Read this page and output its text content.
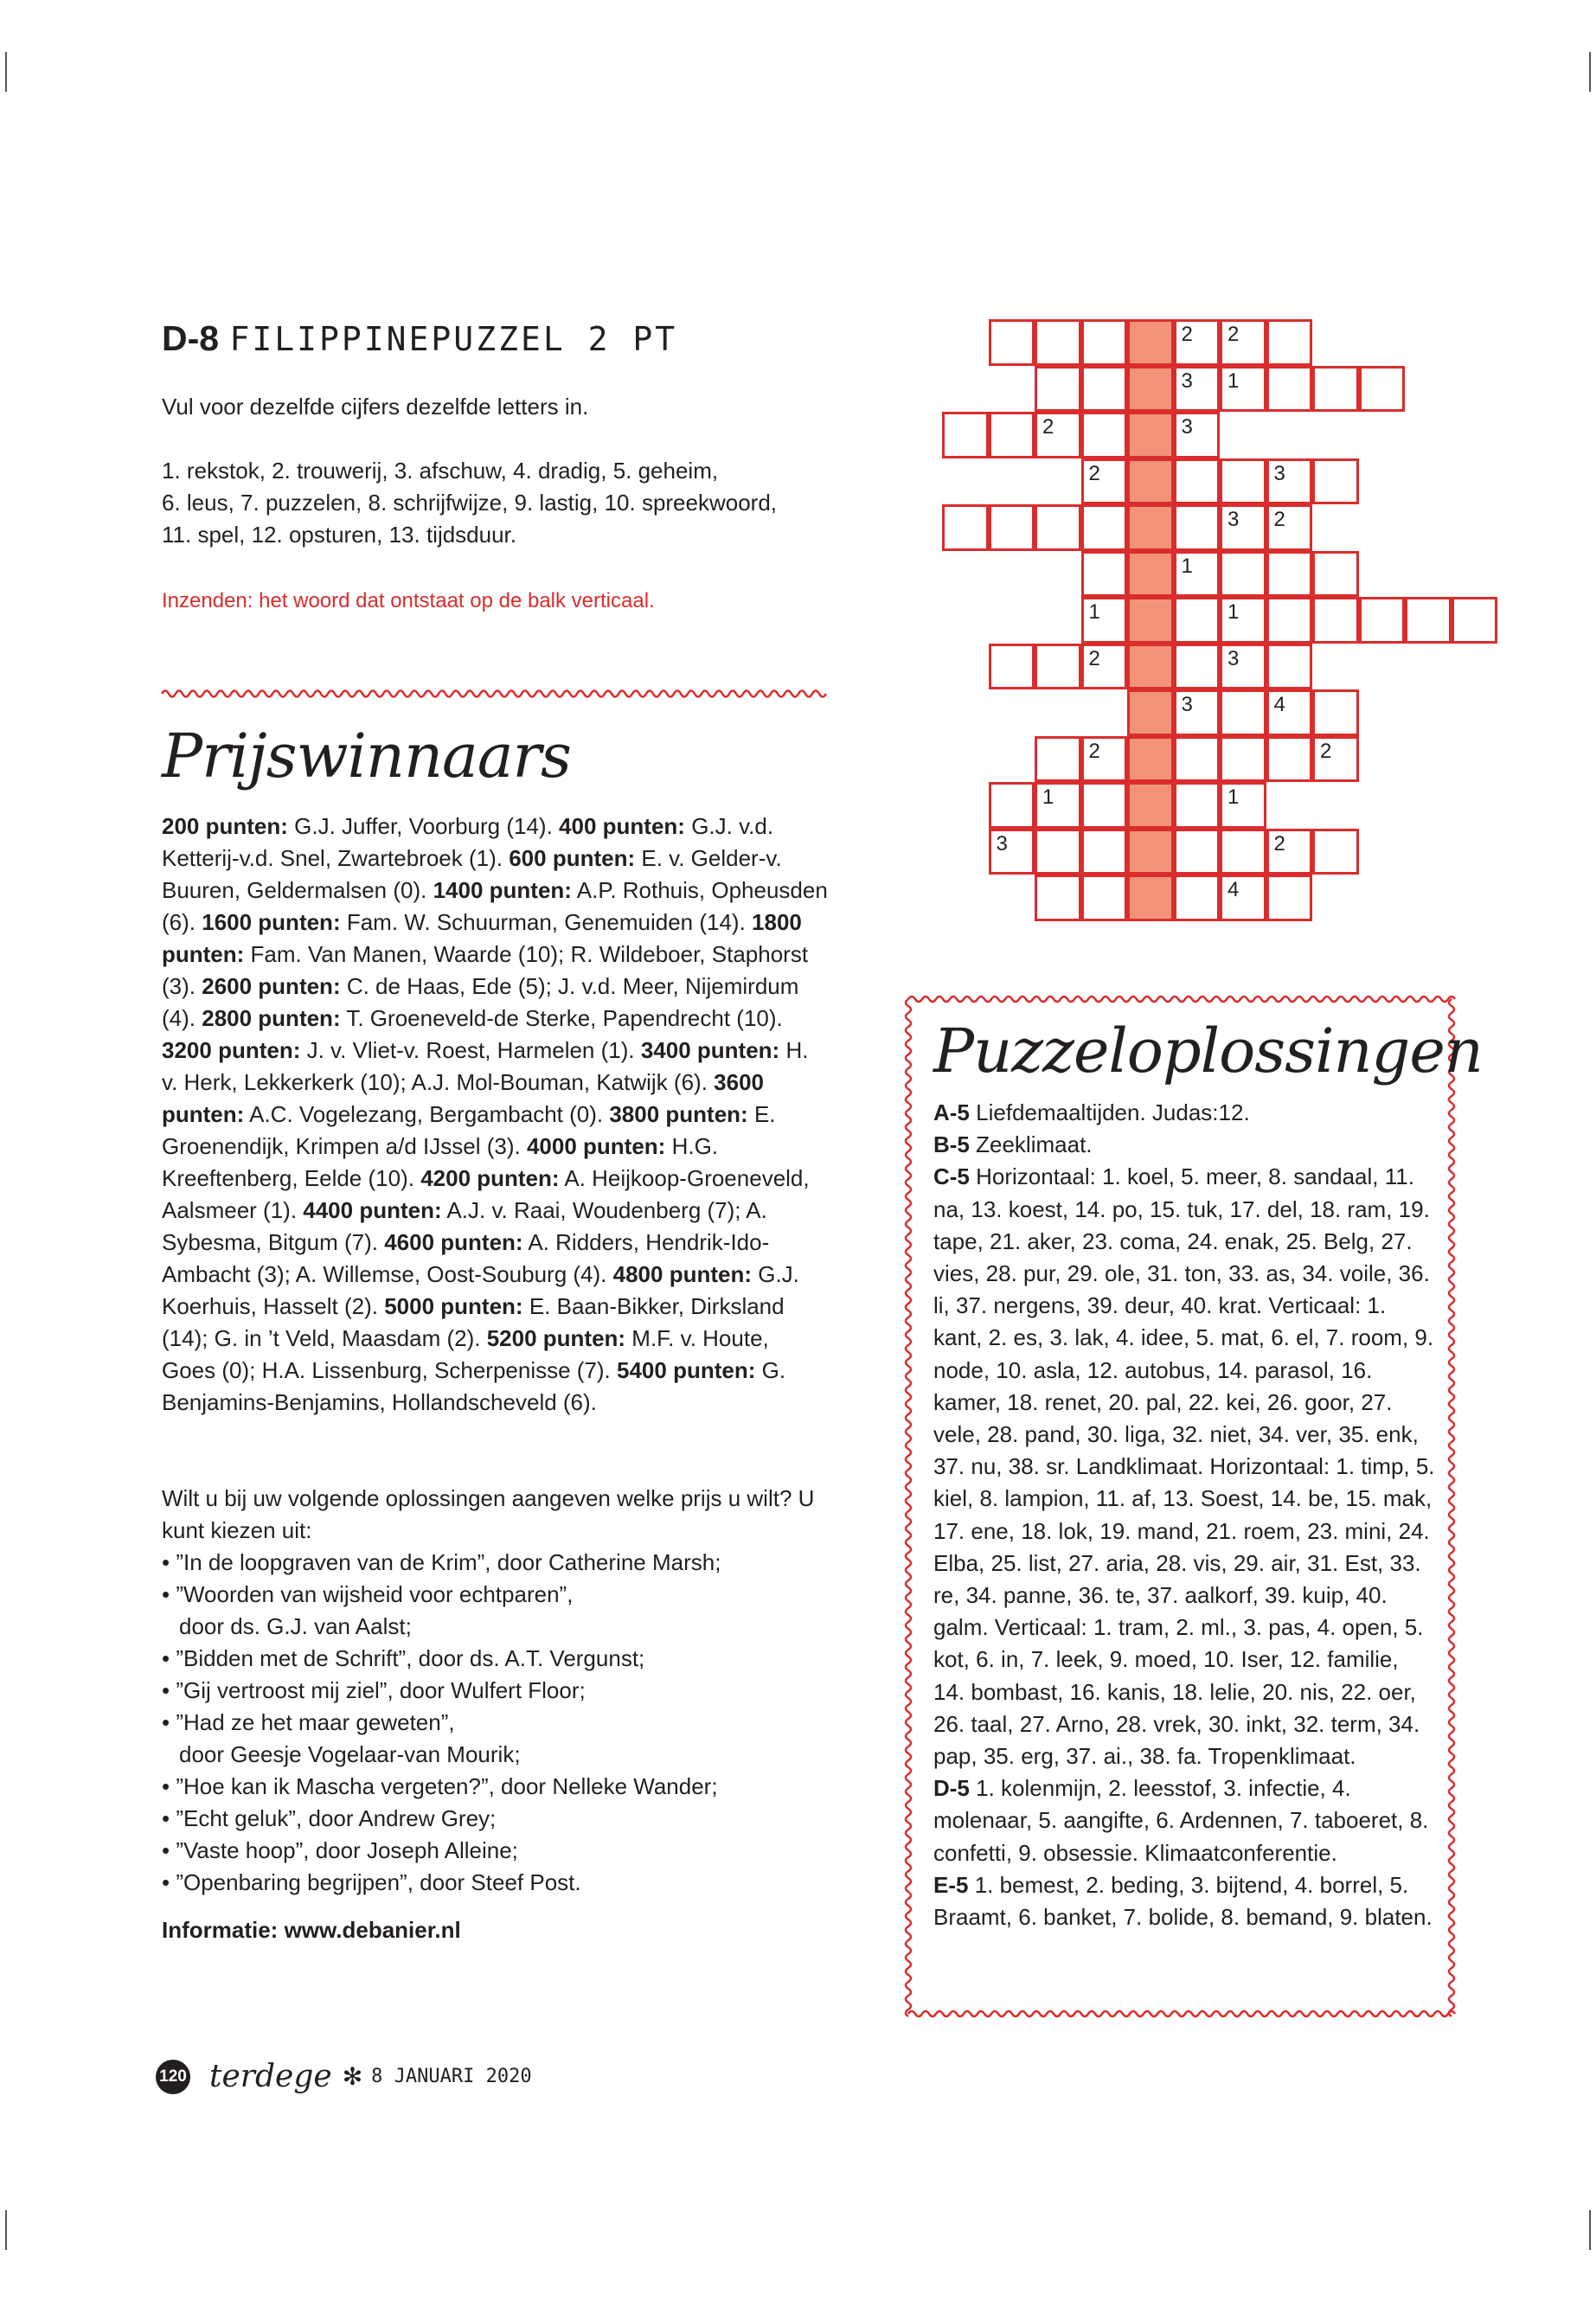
D-8 FILIPPINEPUZZEL 2 PT

Vul voor dezelfde cijfers dezelfde letters in.

1. rekstok, 2. trouwerij, 3. afschuw, 4. dradig, 5. geheim,

6. leus, 7. puzzelen, 8. schrijfwijze, 9. lastig, 10. spreekwoord,

11. spel, 12. opsturen, 13. tijdsduur.

Inzenden: het woord dat ontstaat op de balk verticaal.

Prijswinnaars
200 punten: G.J. Juffer, Voorburg (14). 400 punten: G.J. v.d. Ketterij-v.d. Snel, Zwartebroek (1). 600 punten: E. v. Gelder-v. Buuren, Geldermalsen (0). 1400 punten: A.P. Rothuis, Opheusden (6). 1600 punten: Fam. W. Schuurman, Genemuiden (14). 1800 punten: Fam. Van Manen, Waarde (10); R. Wildeboer, Staphorst (3). 2600 punten: C. de Haas, Ede (5); J. v.d. Meer, Nijemirdum (4). 2800 punten: T. Groeneveld-de Sterke, Papendrecht (10). 3200 punten: J. v. Vliet-v. Roest, Harmelen (1). 3400 punten: H. v. Herk, Lekkerkerk (10); A.J. Mol-Bouman, Katwijk (6). 3600 punten: A.C. Vogelezang, Bergambacht (0). 3800 punten: E. Groenendijk, Krimpen a/d IJssel (3). 4000 punten: H.G. Kreeftenberg, Eelde (10). 4200 punten: A. Heijkoop-Groeneveld, Aalsmeer (1). 4400 punten: A.J. v. Raai, Woudenberg (7); A. Sybesma, Bitgum (7). 4600 punten: A. Ridders, Hendrik-Ido-Ambacht (3); A. Willemse, Oost-Souburg (4). 4800 punten: G.J. Koerhuis, Hasselt (2). 5000 punten: E. Baan-Bikker, Dirksland (14); G. in ’t Veld, Maasdam (2). 5200 punten: M.F. v. Houte, Goes (0); H.A. Lissenburg, Scherpenisse (7). 5400 punten: G. Benjamins-Benjamins, Hollandscheveld (6).

Wilt u bij uw volgende oplossingen aangeven welke prijs u wilt? U kunt kiezen uit:

• ”In de loopgraven van de Krim”, door Catherine Marsh;
• ”Woorden van wijsheid voor echtparen”,
door ds. G.J. van Aalst;
• ”Bidden met de Schrift”, door ds. A.T. Vergunst;
• ”Gij vertroost mij ziel”, door Wulfert Floor;
• ”Had ze het maar geweten”,
door Geesje Vogelaar-van Mourik;
• ”Hoe kan ik Mascha vergeten?”, door Nelleke Wander;
• ”Echt geluk”, door Andrew Grey;
• ”Vaste hoop”, door Joseph Alleine;
• ”Openbaring begrijpen”, door Steef Post.

Informatie: www.debanier.nl

2 2
3 1
2	3
2	3
3 2
1
1	1
2	3
3	4
2	2
1	1
3	2
4
Puzzeloplossingen

A-5 Liefdemaaltijden. Judas:12.

B-5 Zeeklimaat.

C-5 Horizontaal: 1. koel, 5. meer, 8. sandaal, 11. na, 13. koest, 14. po, 15. tuk, 17. del, 18. ram, 19. tape, 21. aker, 23. coma, 24. enak, 25. Belg, 27. vies, 28. pur, 29. ole, 31. ton, 33. as, 34. voile, 36. li, 37. nergens, 39. deur, 40. krat. Verticaal: 1. kant, 2. es, 3. lak, 4. idee, 5. mat, 6. el, 7. room, 9. node, 10. asla, 12. autobus, 14. parasol, 16. kamer, 18. renet, 20. pal, 22. kei, 26. goor, 27. vele, 28. pand, 30. liga, 32. niet, 34. ver, 35. enk, 37. nu, 38. sr. Landklimaat. Horizontaal: 1. timp, 5. kiel, 8. lampion, 11. af, 13. Soest, 14. be, 15. mak, 17. ene, 18. lok, 19. mand, 21. roem, 23. mini, 24. Elba, 25. list, 27. aria, 28. vis, 29. air, 31. Est, 33. re, 34. panne, 36. te, 37. aalkorf, 39. kuip, 40. galm. Verticaal: 1. tram, 2. ml., 3. pas, 4. open, 5. kot, 6. in, 7. leek, 9. moed, 10. Iser, 12. familie, 14. bombast, 16. kanis, 18. lelie, 20. nis, 22. oer, 26. taal, 27. Arno, 28. vrek, 30. inkt, 32. term, 34. pap, 35. erg, 37. ai., 38. fa. Tropenklimaat.

D-5 1. kolenmijn, 2. leesstof, 3. infectie, 4. molenaar, 5. aangifte, 6. Ardennen, 7. taboeret, 8. confetti, 9. obsessie. Klimaatconferentie.

E-5 1. bemest, 2. beding, 3. bijtend, 4. borrel, 5. Braamt, 6. banket, 7. bolide, 8. bemand, 9. blaten.

120 terdege ✻ 8 JANUARI 2020
